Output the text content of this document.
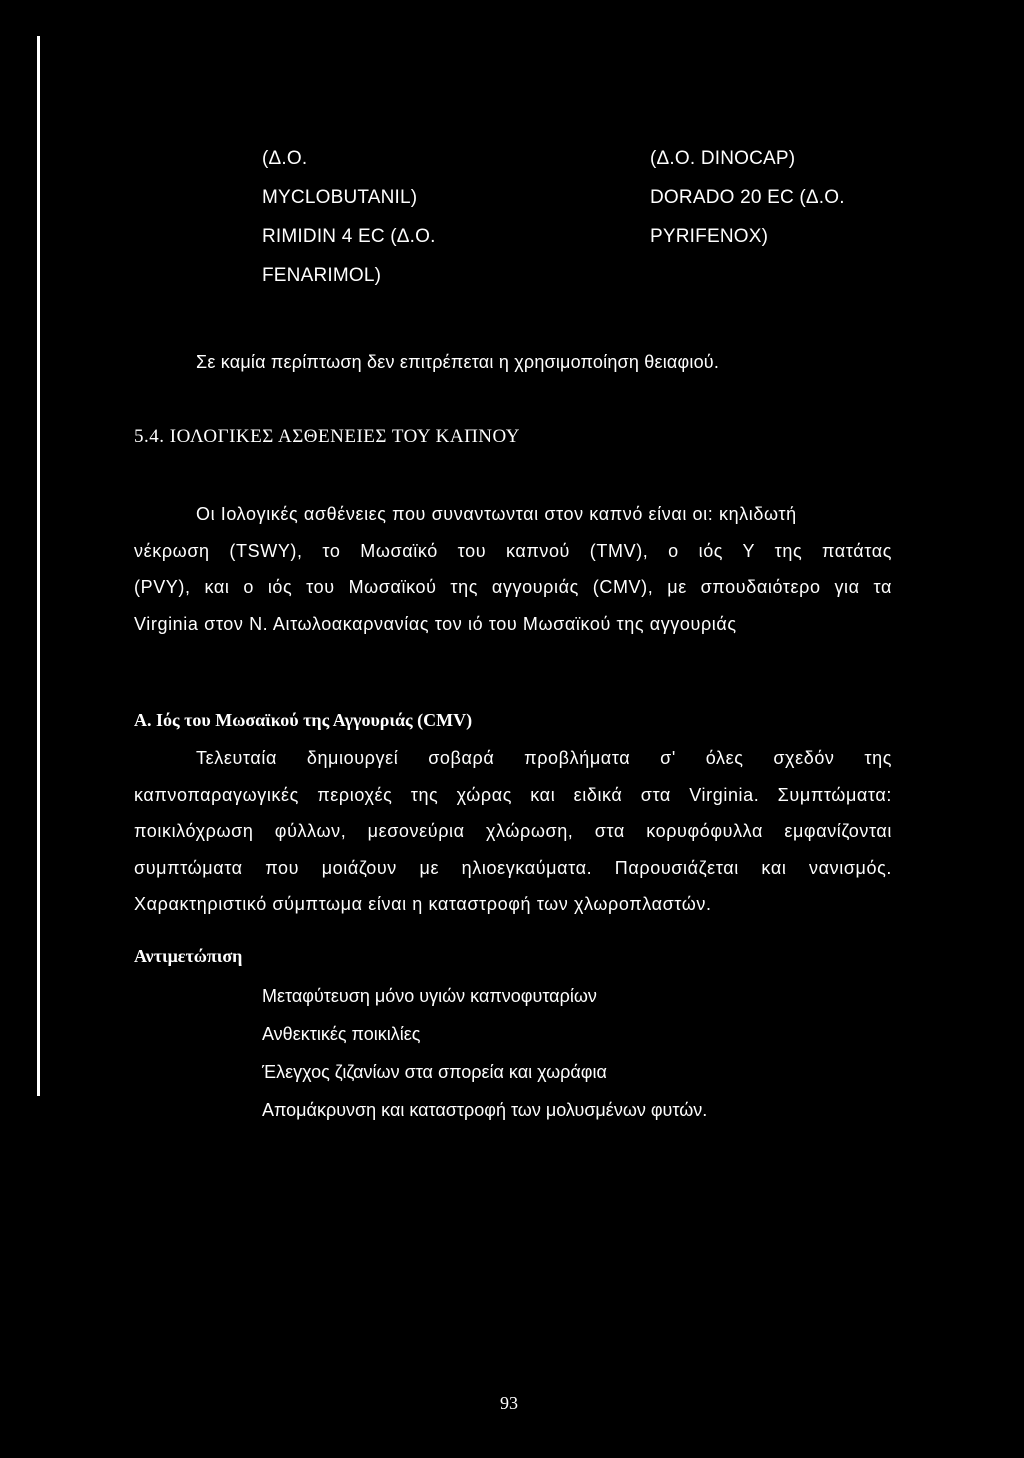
(Δ.Ο.
MYCLOBUTANIL)
RIMIDIN 4 EC (Δ.Ο.
FENARIMOL)
(Δ.Ο. DINOCAP)
DORADO 20 EC (Δ.Ο.
PYRIFENOX)
Σε καμία περίπτωση δεν επιτρέπεται η χρησιμοποίηση θειαφιού.
5.4. ΙΟΛΟΓΙΚΕΣ ΑΣΘΕΝΕΙΕΣ ΤΟΥ ΚΑΠΝΟΥ
Οι Ιολογικές ασθένειες που συναντωνται στον καπνό είναι οι: κηλιδωτή
νέκρωση (TSWY), το Μωσαϊκό του καπνού (TMV), ο ιός Υ της πατάτας
(PVY), και ο ιός του Μωσαϊκού της αγγουριάς (CMV), με σπουδαιότερο για τα
Virginia στον Ν. Αιτωλοακαρνανίας τον ιό του Μωσαϊκού της αγγουριάς
Α. Ιός του Μωσαϊκού της Αγγουριάς (CMV)
Τελευταία δημιουργεί σοβαρά προβλήματα σ' όλες σχεδόν της
καπνοπαραγωγικές περιοχές της χώρας και ειδικά στα Virginia. Συμπτώματα:
ποικιλόχρωση φύλλων, μεσονεύρια χλώρωση, στα κορυφόφυλλα εμφανίζονται
συμπτώματα που μοιάζουν με ηλιοεγκαύματα. Παρουσιάζεται και νανισμός.
Χαρακτηριστικό σύμπτωμα είναι η καταστροφή των χλωροπλαστών.
Αντιμετώπιση
Μεταφύτευση μόνο υγιών καπνοφυταρίων
Ανθεκτικές ποικιλίες
Έλεγχος ζιζανίων στα σπορεία και χωράφια
Απομάκρυνση και καταστροφή των μολυσμένων φυτών.
93
